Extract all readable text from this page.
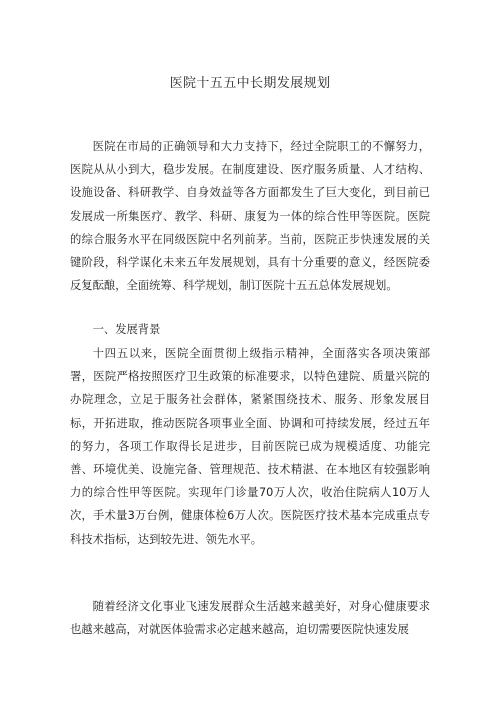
医院十五五中长期发展规划

医院在市局的正确领导和大力支持下，经过全院职工的不懈努力，医院从从小到大，稳步发展。在制度建设、医疗服务质量、人才结构、设施设备、科研教学、自身效益等各方面都发生了巨大变化，到目前已发展成一所集医疗、教学、科研、康复为一体的综合性甲等医院。医院的综合服务水平在同级医院中名列前茅。当前，医院正步快速发展的关键阶段，科学谋化未来五年发展规划，具有十分重要的意义，经医院委反复酝酿，全面统筹、科学规划，制订医院十五五总体发展规划。

一、发展背景

十四五以来，医院全面贯彻上级指示精神，全面落实各项决策部署，医院严格按照医疗卫生政策的标准要求，以特色建院、质量兴院的办院理念，立足于服务社会群体，紧紧围绕技术、服务、形象发展目标，开拓进取，推动医院各项事业全面、协调和可持续发展，经过五年的努力，各项工作取得长足进步，目前医院已成为规模适度、功能完善、环境优美、设施完备、管理规范、技术精湛、在本地区有较强影响力的综合性甲等医院。实现年门诊量70万人次，收治住院病人10万人次，手术量3万台例，健康体检6万人次。医院医疗技术基本完成重点专科技术指标，达到较先进、领先水平。

随着经济文化事业飞速发展群众生活越来越美好，对身心健康要求也越来越高，对就医体验需求必定越来越高，迫切需要医院快速发展
